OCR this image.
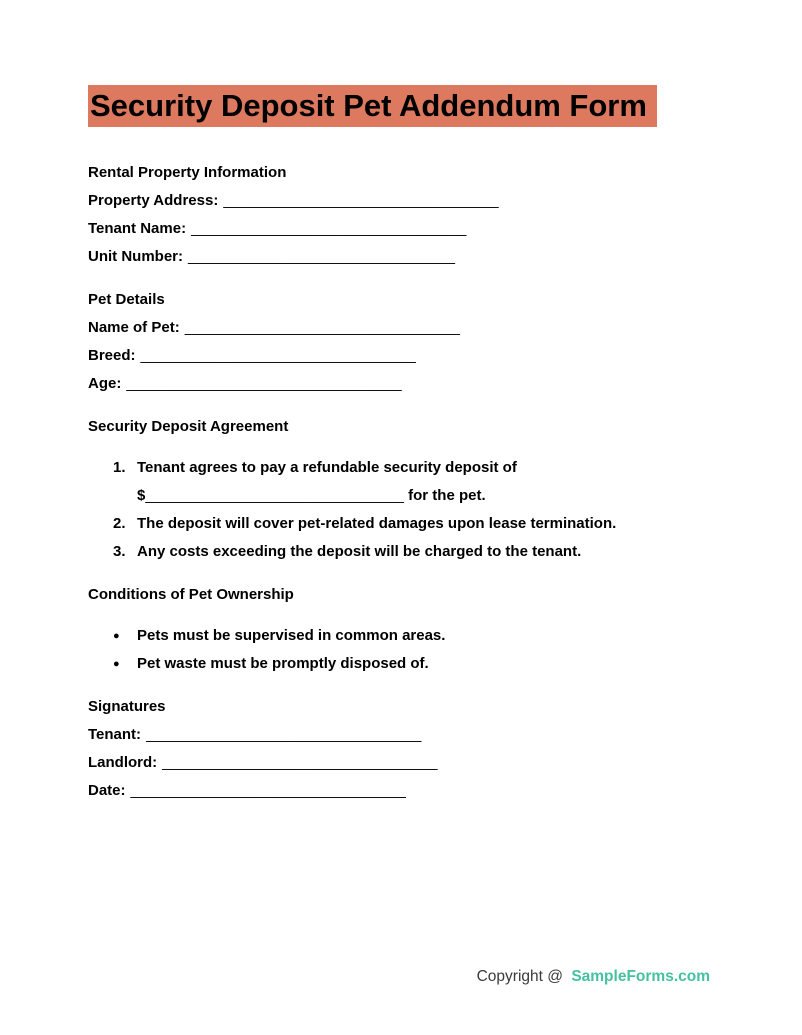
Security Deposit Pet Addendum Form
Rental Property Information
Property Address: _________________________________
Tenant Name: _________________________________
Unit Number: ________________________________
Pet Details
Name of Pet: _________________________________
Breed: _________________________________
Age: _________________________________
Security Deposit Agreement
1. Tenant agrees to pay a refundable security deposit of
$_______________________________ for the pet.
2. The deposit will cover pet-related damages upon lease termination.
3. Any costs exceeding the deposit will be charged to the tenant.
Conditions of Pet Ownership
●	Pets must be supervised in common areas.
●	Pet waste must be promptly disposed of.
Signatures
Tenant: _________________________________
Landlord: _________________________________
Date: _________________________________
Copyright @ SampleForms.com
